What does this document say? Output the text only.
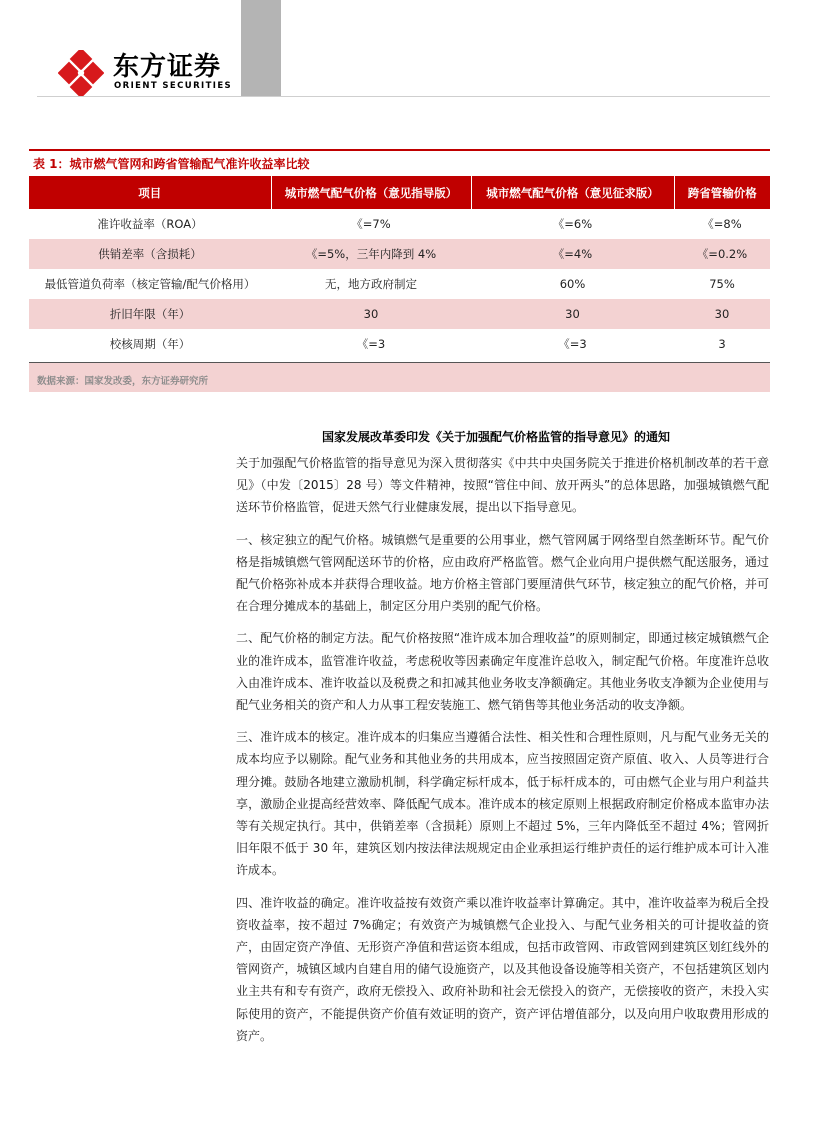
东方证券
ORIENT SECURITIES
表 1：城市燃气管网和跨省管输配气准许收益率比较
项目	城市燃气配气价格（意见指导版）	城市燃气配气价格（意见征求版）	跨省管输价格
准许收益率（ROA）	《=7%	《=6%	《=8%
供销差率（含损耗）	《=5%，三年内降到 4%	《=4%	《=0.2%
最低管道负荷率（核定管输/配气价格用）	无，地方政府制定	60%	75%
折旧年限（年）	30	30	30
校核周期（年）	《=3	《=3	3
数据来源：国家发改委，东方证券研究所
国家发展改革委印发《关于加强配气价格监管的指导意见》的通知

关于加强配气价格监管的指导意见为深入贯彻落实《中共中央国务院关于推进价格机制改革的若干意见》（中发〔2015〕28 号）等文件精神，按照“管住中间、放开两头”的总体思路，加强城镇燃气配送环节价格监管，促进天然气行业健康发展，提出以下指导意见。

一、核定独立的配气价格。城镇燃气是重要的公用事业，燃气管网属于网络型自然垄断环节。配气价格是指城镇燃气管网配送环节的价格，应由政府严格监管。燃气企业向用户提供燃气配送服务，通过配气价格弥补成本并获得合理收益。地方价格主管部门要厘清供气环节，核定独立的配气价格，并可在合理分摊成本的基础上，制定区分用户类别的配气价格。

二、配气价格的制定方法。配气价格按照“准许成本加合理收益”的原则制定，即通过核定城镇燃气企业的准许成本，监管准许收益，考虑税收等因素确定年度准许总收入，制定配气价格。年度准许总收入由准许成本、准许收益以及税费之和扣减其他业务收支净额确定。其他业务收支净额为企业使用与配气业务相关的资产和人力从事工程安装施工、燃气销售等其他业务活动的收支净额。

三、准许成本的核定。准许成本的归集应当遵循合法性、相关性和合理性原则，凡与配气业务无关的成本均应予以剔除。配气业务和其他业务的共用成本，应当按照固定资产原值、收入、人员等进行合理分摊。鼓励各地建立激励机制，科学确定标杆成本，低于标杆成本的，可由燃气企业与用户利益共享，激励企业提高经营效率、降低配气成本。准许成本的核定原则上根据政府制定价格成本监审办法等有关规定执行。其中，供销差率（含损耗）原则上不超过 5%，三年内降低至不超过 4%；管网折旧年限不低于 30 年，建筑区划内按法律法规规定由企业承担运行维护责任的运行维护成本可计入准许成本。

四、准许收益的确定。准许收益按有效资产乘以准许收益率计算确定。其中，准许收益率为税后全投资收益率，按不超过 7%确定；有效资产为城镇燃气企业投入、与配气业务相关的可计提收益的资产，由固定资产净值、无形资产净值和营运资本组成，包括市政管网、市政管网到建筑区划红线外的管网资产，城镇区域内自建自用的储气设施资产，以及其他设备设施等相关资产，不包括建筑区划内业主共有和专有资产，政府无偿投入、政府补助和社会无偿投入的资产，无偿接收的资产，未投入实际使用的资产，不能提供资产价值有效证明的资产，资产评估增值部分，以及向用户收取费用形成的资产。
